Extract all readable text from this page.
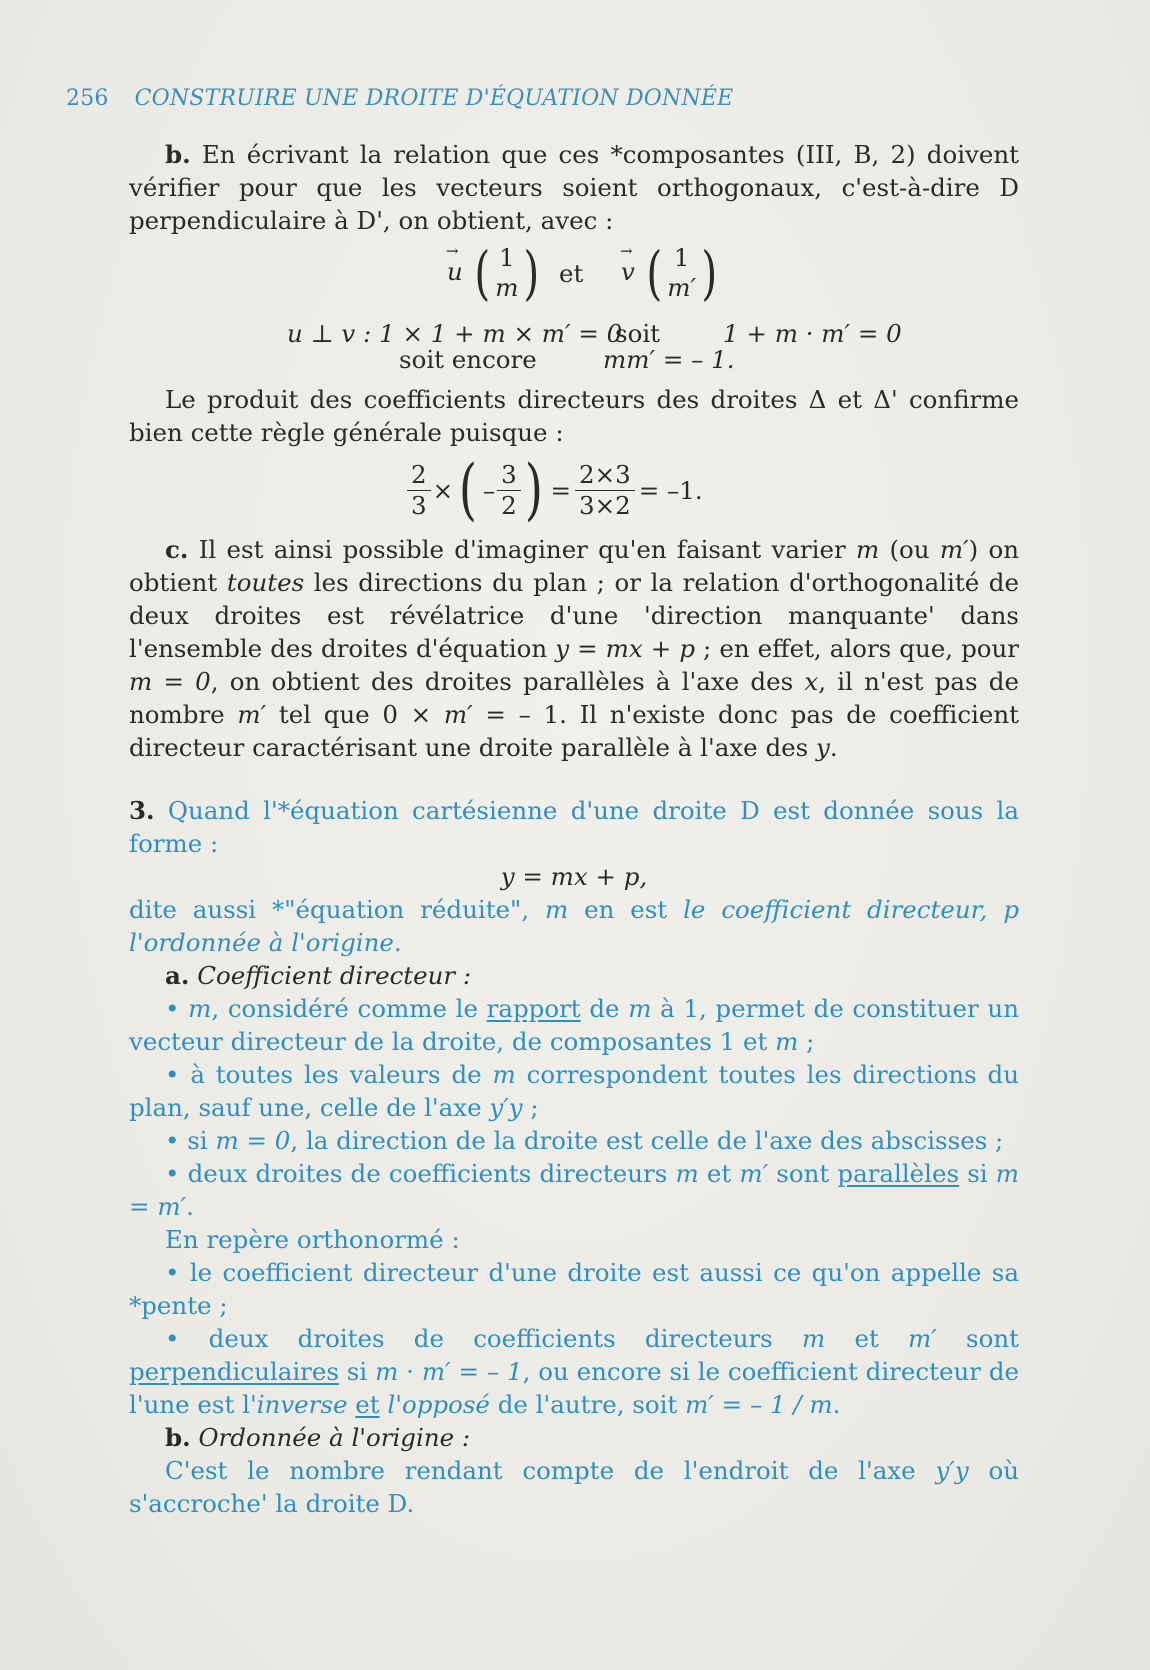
256 CONSTRUIRE UNE DROITE D'ÉQUATION DONNÉE

b. En écrivant la relation que ces *composantes (III, B, 2) doivent vérifier pour que les vecteurs soient orthogonaux, c'est-à-dire D perpendiculaire à D', on obtient, avec :

→ u ( 1
m ) et
→ v ( 1
m′ )
u ⊥ v : 1 × 1 + m × m′ = 0
soit	1 + m · m′ = 0
soit encore	mm′ = – 1.

Le produit des coefficients directeurs des droites Δ et Δ' confirme bien cette règle générale puisque :

$\frac{2}{3}$ × ( – $\frac{3}{2}$ ) = $\frac{2\times 3}{3\times 2} = -1$.

c. Il est ainsi possible d'imaginer qu'en faisant varier m (ou m′) on obtient toutes les directions du plan ; or la relation d'orthogonalité de deux droites est révélatrice d'une 'direction manquante' dans l'ensemble des droites d'équation y = mx + p ; en effet, alors que, pour m = 0, on obtient des droites parallèles à l'axe des x, il n'est pas de nombre m′ tel que 0 × m′ = – 1. Il n'existe donc pas de coefficient directeur caractérisant une droite parallèle à l'axe des y.

3. Quand l'*équation cartésienne d'une droite D est donnée sous la forme :

y = mx + p,

dite aussi *"équation réduite", m en est le coefficient directeur, p l'ordonnée à l'origine.

a. Coefficient directeur :

• m, considéré comme le rapport de m à 1, permet de constituer un vecteur directeur de la droite, de composantes 1 et m ;

• à toutes les valeurs de m correspondent toutes les directions du plan, sauf une, celle de l'axe y′y ;

• si m = 0, la direction de la droite est celle de l'axe des abscisses ;

• deux droites de coefficients directeurs m et m′ sont parallèles si m = m′.

En repère orthonormé :

• le coefficient directeur d'une droite est aussi ce qu'on appelle sa *pente ;

• deux droites de coefficients directeurs m et m′ sont perpendiculaires si m · m′ = – 1, ou encore si le coefficient directeur de l'une est l'inverse et l'opposé de l'autre, soit m′ = – 1 / m.

b. Ordonnée à l'origine :

C'est le nombre rendant compte de l'endroit de l'axe y′y où s'accroche' la droite D.
